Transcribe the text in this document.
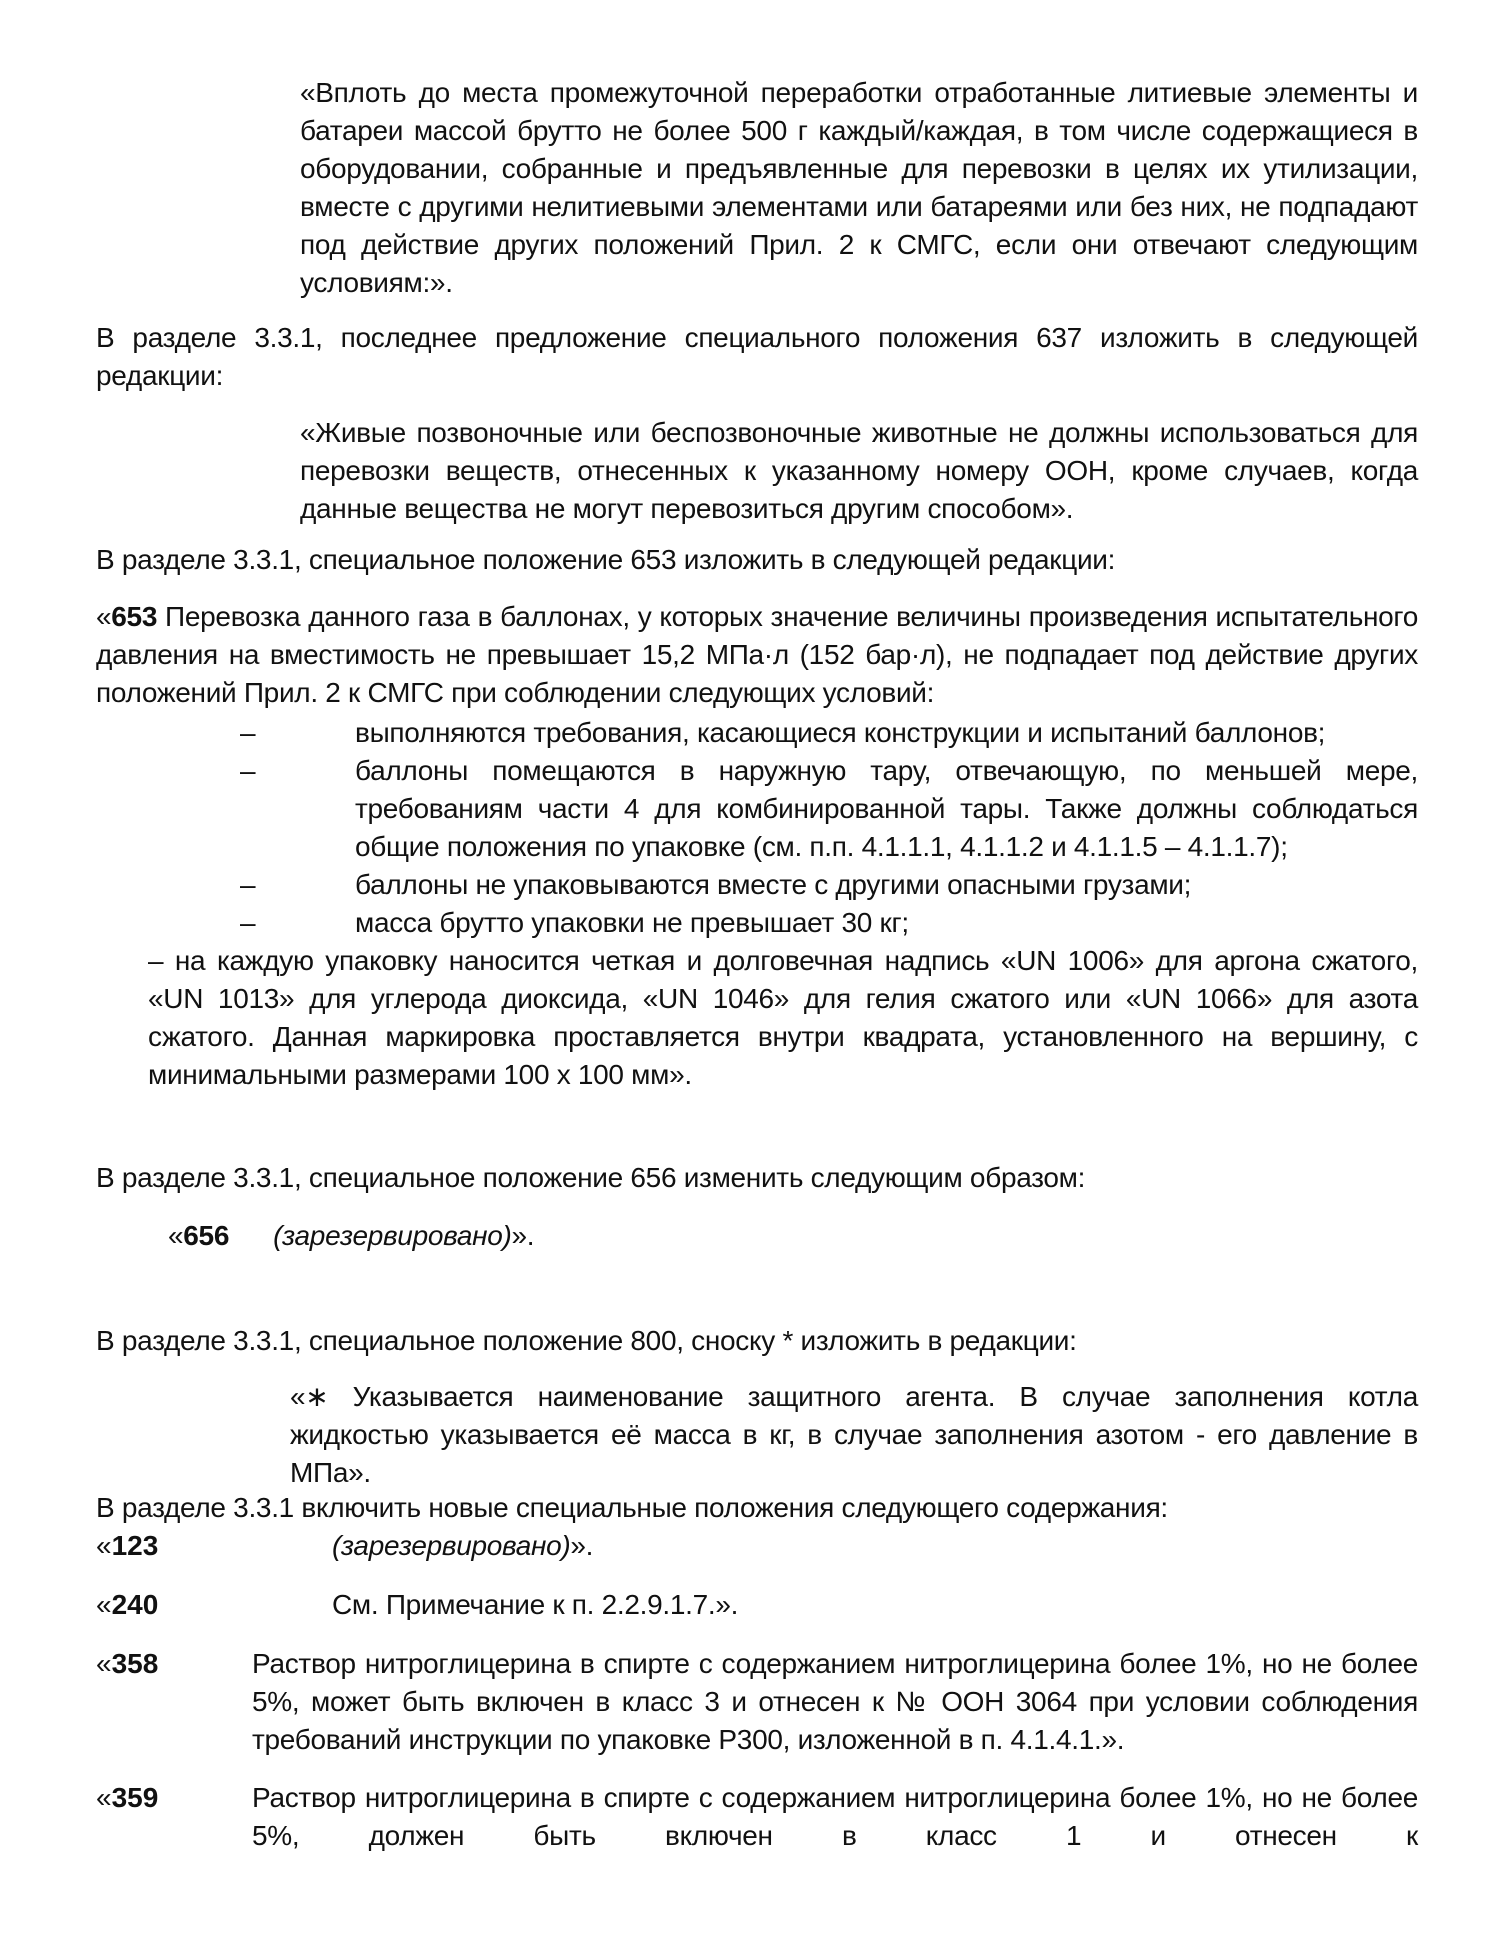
«Вплоть до места промежуточной переработки отработанные литиевые элементы и батареи массой брутто не более 500 г каждый/каждая, в том числе содержащиеся в оборудовании, собранные и предъявленные для перевозки в целях их утилизации, вместе с другими нелитиевыми элементами или батареями или без них, не подпадают под действие других положений Прил. 2 к СМГС, если они отвечают следующим условиям:».

В разделе 3.3.1, последнее предложение специального положения 637 изложить в следующей редакции:

«Живые позвоночные или беспозвоночные животные не должны использоваться для перевозки веществ, отнесенных к указанному номеру ООН, кроме случаев, когда данные вещества не могут перевозиться другим способом».

В разделе 3.3.1, специальное положение 653 изложить в следующей редакции:

«653 Перевозка данного газа в баллонах, у которых значение величины произведения испытательного давления на вместимость не превышает 15,2 МПа·л (152 бар·л), не подпадает под действие других положений Прил. 2 к СМГС при соблюдении следующих условий:

–	выполняются требования, касающиеся конструкции и испытаний баллонов;

–	баллоны помещаются в наружную тару, отвечающую, по меньшей мере, требованиям части 4 для комбинированной тары. Также должны соблюдаться общие положения по упаковке (см. п.п. 4.1.1.1, 4.1.1.2 и 4.1.1.5 – 4.1.1.7);

–	баллоны не упаковываются вместе с другими опасными грузами;

–	масса брутто упаковки не превышает 30 кг;

– на каждую упаковку наносится четкая и долговечная надпись «UN 1006» для аргона сжатого, «UN 1013» для углерода диоксида, «UN 1046» для гелия сжатого или «UN 1066» для азота сжатого. Данная маркировка проставляется внутри квадрата, установленного на вершину, с минимальными размерами 100 х 100 мм».

В разделе 3.3.1, специальное положение 656 изменить следующим образом:

«656 (зарезервировано)».

В разделе 3.3.1, специальное положение 800, сноску * изложить в редакции:

«∗ Указывается наименование защитного агента. В случае заполнения котла жидкостью указывается её масса в кг, в случае заполнения азотом - его давление в МПа».

В разделе 3.3.1 включить новые специальные положения следующего содержания:

«123	(зарезервировано)».

«240	См. Примечание к п. 2.2.9.1.7.».

«358	Раствор нитроглицерина в спирте с содержанием нитроглицерина более 1%, но не более 5%, может быть включен в класс 3 и отнесен к № ООН 3064 при условии соблюдения требований инструкции по упаковке P300, изложенной в п. 4.1.4.1.».

«359	Раствор нитроглицерина в спирте с содержанием нитроглицерина более 1%, но не более 5%, должен быть включен в класс 1 и отнесен к
